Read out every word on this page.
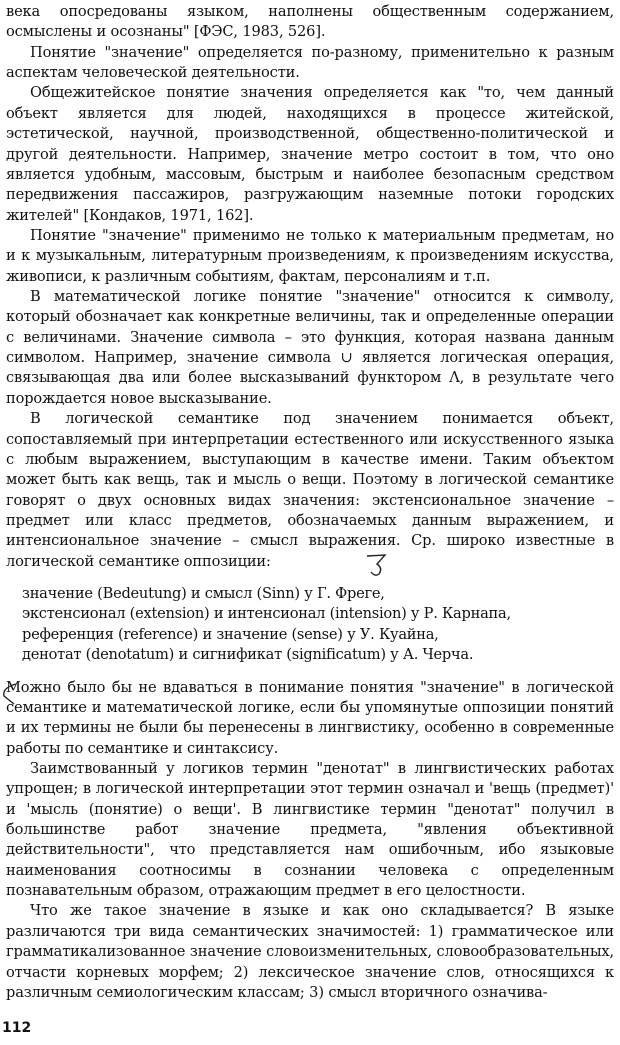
века опосредованы языком, наполнены общественным содержанием, осмыслены и осознаны" [ФЭС, 1983, 526].

Понятие "значение" определяется по-разному, применительно к разным аспектам человеческой деятельности.

Общежитейское понятие значения определяется как "то, чем данный объект является для людей, находящихся в процессе житейской, эстетической, научной, производственной, общественно-политической и другой деятельности. Например, значение метро состоит в том, что оно является удобным, массовым, быстрым и наиболее безопасным средством передвижения пассажиров, разгружающим наземные потоки городских жителей" [Кондаков, 1971, 162].

Понятие "значение" применимо не только к материальным предметам, но и к музыкальным, литературным произведениям, к произведениям искусства, живописи, к различным событиям, фактам, персоналиям и т.п.

В математической логике понятие "значение" относится к символу, который обозначает как конкретные величины, так и определенные операции с величинами. Значение символа – это функция, которая названа данным символом. Например, значение символа ∪ является логическая операция, связывающая два или более высказываний функтором Λ, в результате чего порождается новое высказывание.

В логической семантике под значением понимается объект, сопоставляемый при интерпретации естественного или искусственного языка с любым выражением, выступающим в качестве имени. Таким объектом может быть как вещь, так и мысль о вещи. Поэтому в логической семантике говорят о двух основных видах значения: экстенсиональное значение – предмет или класс предметов, обозначаемых данным выражением, и интенсиональное значение – смысл выражения. Ср. широко известные в логической семантике оппозиции:

значение (Bedeutung) и смысл (Sinn) у Г. Фреге,
экстенсионал (extension) и интенсионал (intension) у Р. Карнапа,
референция (reference) и значение (sense) у У. Куайна,
денотат (denotatum) и сигнификат (significatum) у А. Черча.

Можно было бы не вдаваться в понимание понятия "значение" в логической семантике и математической логике, если бы упомянутые оппозиции понятий и их термины не были бы перенесены в лингвистику, особенно в современные работы по семантике и синтаксису.

Заимствованный у логиков термин "денотат" в лингвистических работах упрощен; в логической интерпретации этот термин означал и 'вещь (предмет)' и 'мысль (понятие) о вещи'. В лингвистике термин "денотат" получил в большинстве работ значение предмета, "явления объективной действительности", что представляется нам ошибочным, ибо языковые наименования соотносимы в сознании человека с определенным познавательным образом, отражающим предмет в его целостности.

Что же такое значение в языке и как оно складывается? В языке различаются три вида семантических значимостей: 1) грамматическое или грамматикализованное значение словоизменительных, словообразовательных, отчасти корневых морфем; 2) лексическое значение слов, относящихся к различным семиологическим классам; 3) смысл вторичного означива-

112
